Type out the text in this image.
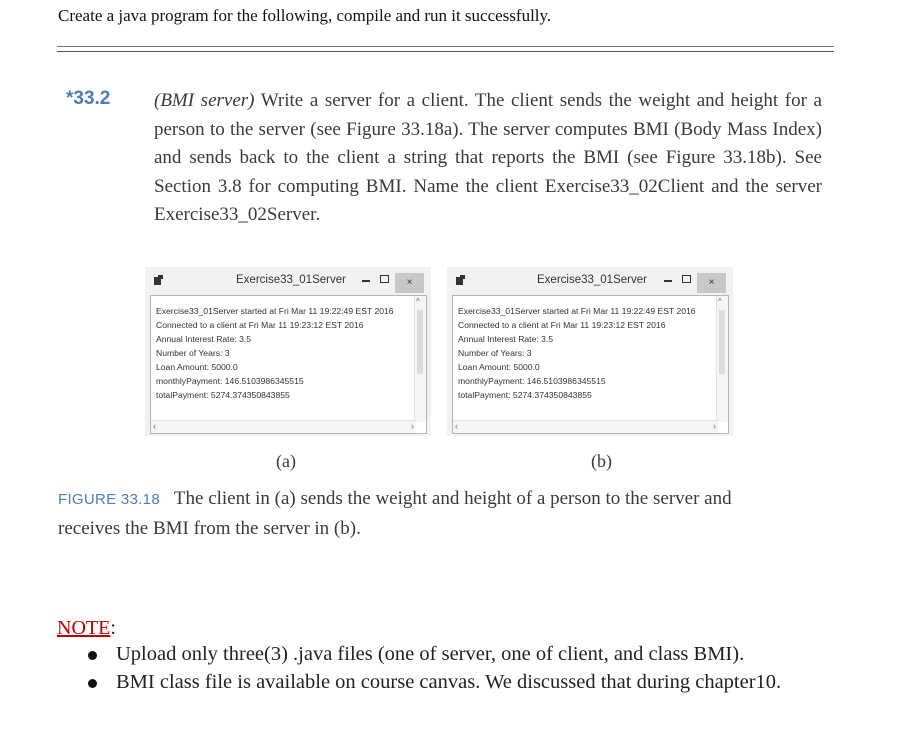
Create a java program for the following, compile and run it successfully.
*33.2 (BMI server) Write a server for a client. The client sends the weight and height for a person to the server (see Figure 33.18a). The server computes BMI (Body Mass Index) and sends back to the client a string that reports the BMI (see Figure 33.18b). See Section 3.8 for computing BMI. Name the client Exercise33_02Client and the server Exercise33_02Server.
Exercise33_01Server	×
Exercise33_01Server started at Fri Mar 11 19:22:49 EST 2016
Connected to a client at Fri Mar 11 19:23:12 EST 2016
Annual Interest Rate: 3.5
Number of Years: 3
Loan Amount: 5000.0
monthlyPayment: 146.5103986345515
totalPayment: 5274.374350843855
^
‹	›
Exercise33_01Server	×
Exercise33_01Server started at Fri Mar 11 19:22:49 EST 2016
Connected to a client at Fri Mar 11 19:23:12 EST 2016
Annual Interest Rate: 3.5
Number of Years: 3
Loan Amount: 5000.0
monthlyPayment: 146.5103986345515
totalPayment: 5274.374350843855
^
‹	›
(a)	(b)
FIGURE 33.18 The client in (a) sends the weight and height of a person to the server and receives the BMI from the server in (b).
NOTE:
Upload only three(3) .java files (one of server, one of client, and class BMI).
BMI class file is available on course canvas. We discussed that during chapter10.
